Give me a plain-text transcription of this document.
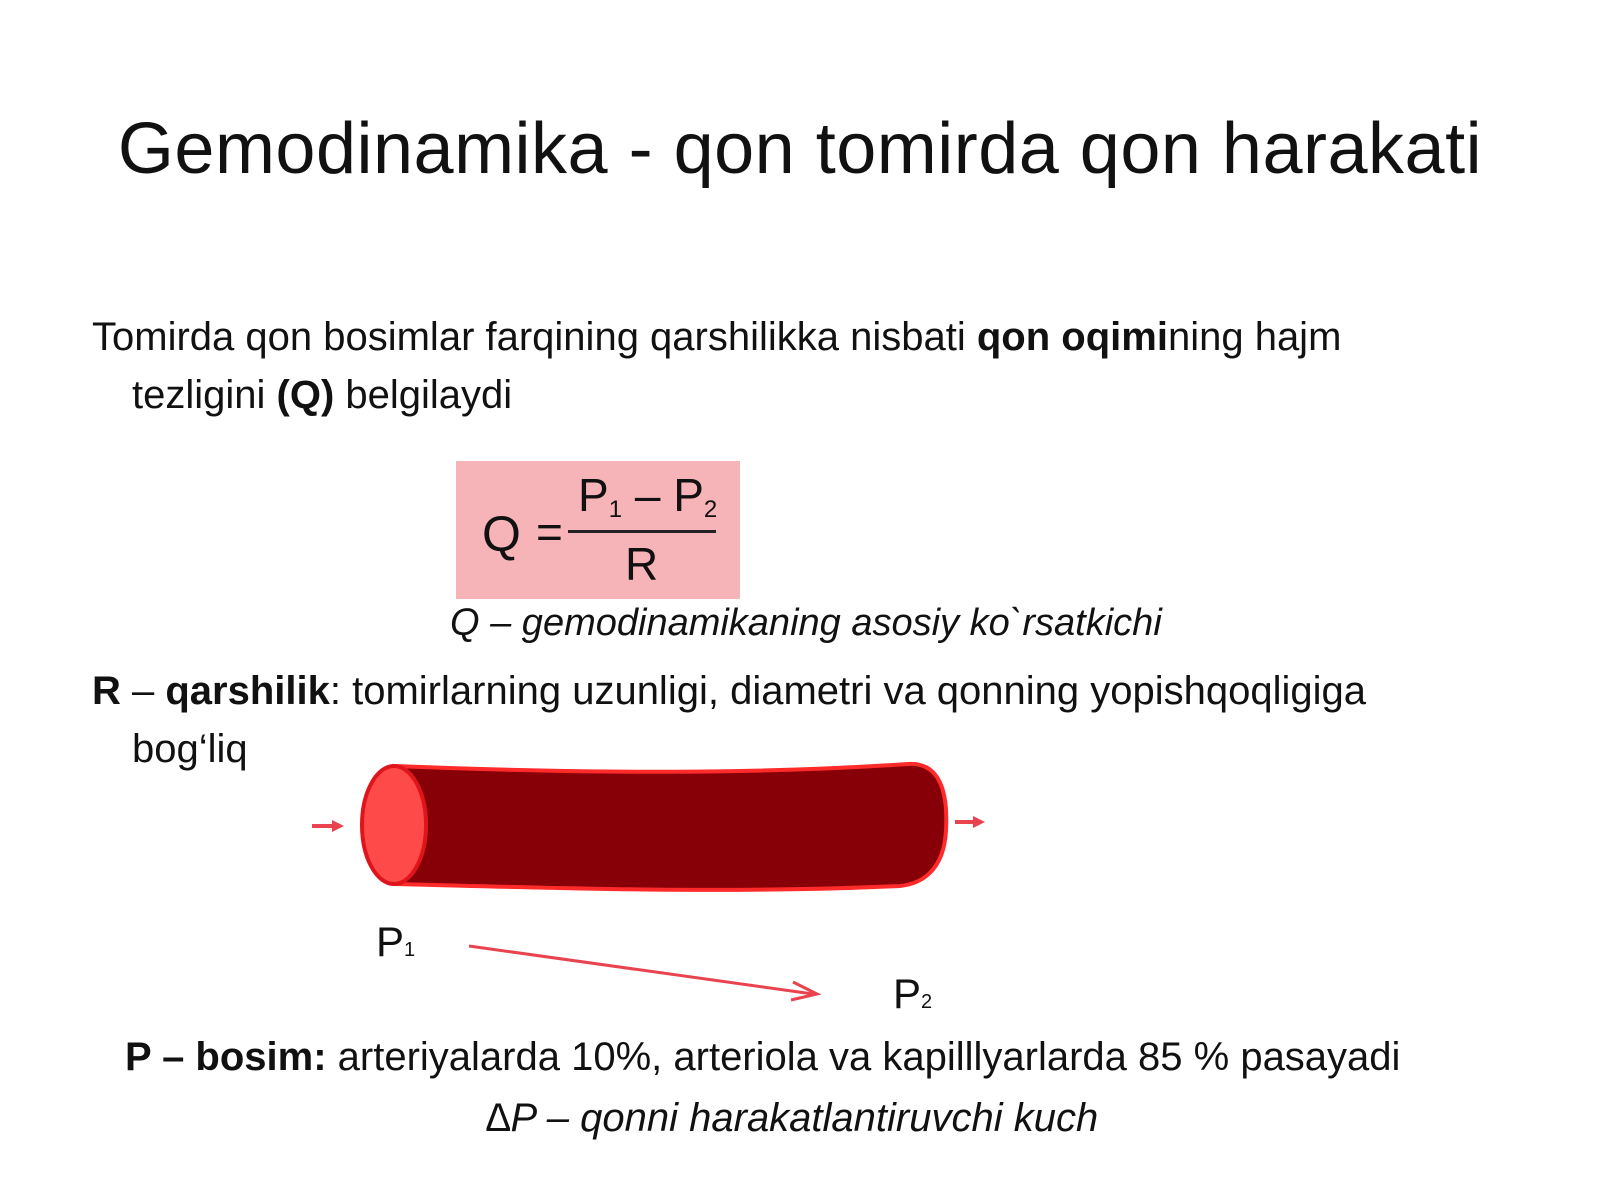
Gemodinamika - qon tomirda qon harakati
Tomirda qon bosimlar farqining qarshilikka nisbati qon oqimining hajm
tezligini (Q) belgilaydi
Q =
$P_1 - P_2$
R
Q – gemodinamikaning asosiy ko`rsatkichi
R – qarshilik: tomirlarning uzunligi, diametri va qonning yopishqoqligiga
bog‘liq
P1
P2
P – bosim: arteriyalarda 10%, arteriola va kapilllyarlarda 85 % pasayadi
∆P – qonni harakatlantiruvchi kuch
